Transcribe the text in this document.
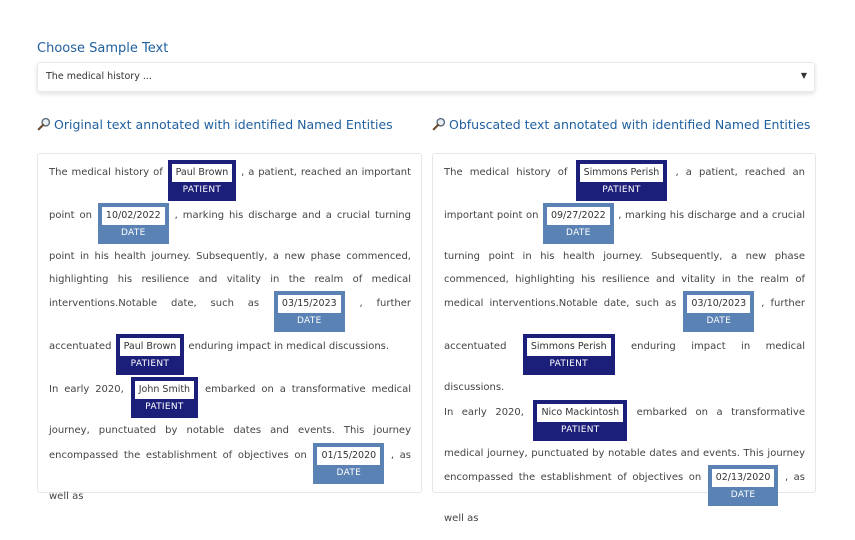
Choose Sample Text
The medical history ...	▼
Original text annotated with identified Named Entities	Obfuscated text annotated with identified Named Entities
The medical history of Paul Brown
PATIENT
, a patient, reached an important point on 10/02/2022
DATE
, marking his discharge and a crucial turning point in his health journey. Subsequently, a new phase commenced, highlighting his resilience and vitality in the realm of medical interventions.Notable date, such as 03/15/2023
DATE
, further accentuated Paul Brown
PATIENT
enduring impact in medical discussions.
In early 2020, John Smith
PATIENT
embarked on a transformative medical journey, punctuated by notable dates and events. This journey encompassed the establishment of objectives on 01/15/2020
DATE
, as well as
The medical history of Simmons Perish
PATIENT
, a patient, reached an important point on 09/27/2022
DATE
, marking his discharge and a crucial turning point in his health journey. Subsequently, a new phase commenced, highlighting his resilience and vitality in the realm of medical interventions.Notable date, such as 03/10/2023
DATE
, further accentuated Simmons Perish
PATIENT
enduring impact in medical discussions.
In early 2020, Nico Mackintosh
PATIENT
embarked on a transformative medical journey, punctuated by notable dates and events. This journey encompassed the establishment of objectives on 02/13/2020
DATE
, as well as
